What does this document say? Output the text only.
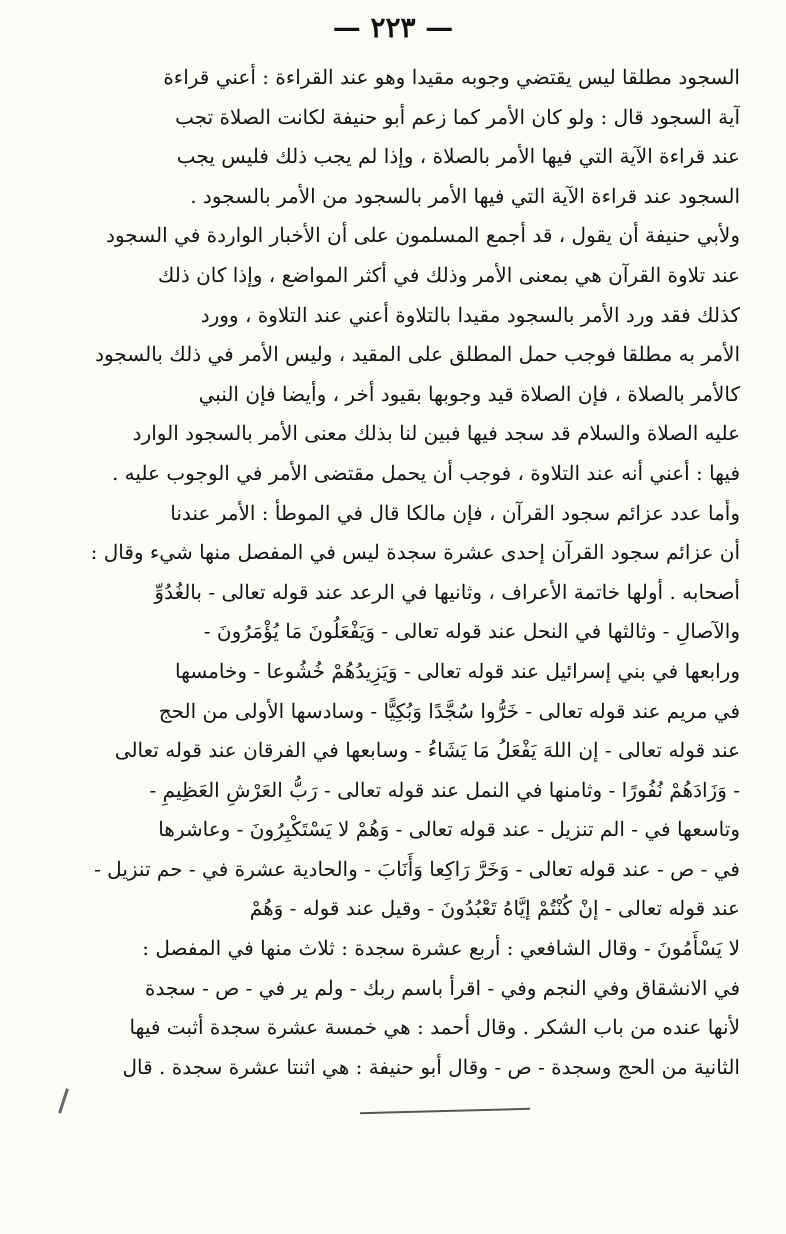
— ٢٢٣ —
السجود مطلقا ليس يقتضي وجوبه مقيدا وهو عند القراءة : أعني قراءة
آية السجود قال : ولو كان الأمر كما زعم أبو حنيفة لكانت الصلاة تجب
عند قراءة الآية التي فيها الأمر بالصلاة ، وإذا لم يجب ذلك فليس يجب
السجود عند قراءة الآية التي فيها الأمر بالسجود من الأمر بالسجود .
ولأبي حنيفة أن يقول ، قد أجمع المسلمون على أن الأخبار الواردة في السجود
عند تلاوة القرآن هي بمعنى الأمر وذلك في أكثر المواضع ، وإذا كان ذلك
كذلك فقد ورد الأمر بالسجود مقيدا بالتلاوة أعني عند التلاوة ، وورد
الأمر به مطلقا فوجب حمل المطلق على المقيد ، وليس الأمر في ذلك بالسجود
كالأمر بالصلاة ، فإن الصلاة قيد وجوبها بقيود أخر ، وأيضا فإن النبي
عليه الصلاة والسلام قد سجد فيها فبين لنا بذلك معنى الأمر بالسجود الوارد
فيها : أعني أنه عند التلاوة ، فوجب أن يحمل مقتضى الأمر في الوجوب عليه .
وأما عدد عزائم سجود القرآن ، فإن مالكا قال في الموطأ : الأمر عندنا
أن عزائم سجود القرآن إحدى عشرة سجدة ليس في المفصل منها شيء وقال :
أصحابه . أولها خاتمة الأعراف ، وثانيها في الرعد عند قوله تعالى - بالغُدُوِّ
والآصالِ - وثالثها في النحل عند قوله تعالى - وَيَفْعَلُونَ مَا يُؤْمَرُونَ -
ورابعها في بني إسرائيل عند قوله تعالى - وَيَزِيدُهُمْ خُشُوعا - وخامسها
في مريم عند قوله تعالى - خَرُّوا سُجَّدًا وَبُكِيًّا - وسادسها الأولى من الحج
عند قوله تعالى - إن اللهَ يَفْعَلُ مَا يَشَاءُ - وسابعها في الفرقان عند قوله تعالى
- وَزَادَهُمْ نُفُورًا - وثامنها في النمل عند قوله تعالى - رَبُّ العَرْشِ العَظِيمِ -
وتاسعها في - الم تنزيل - عند قوله تعالى - وَهُمْ لا يَسْتَكْبِرُونَ - وعاشرها
في - ص - عند قوله تعالى - وَخَرَّ رَاكِعا وَأَنَابَ - والحادية عشرة في - حم تنزيل -
عند قوله تعالى - إنْ كُنْتُمْ إيَّاهُ تَعْبُدُونَ - وقيل عند قوله - وَهُمْ
لا يَسْأَمُونَ - وقال الشافعي : أربع عشرة سجدة : ثلاث منها في المفصل :
في الانشقاق وفي النجم وفي - اقرأ باسم ربك - ولم ير في - ص - سجدة
لأنها عنده من باب الشكر . وقال أحمد : هي خمسة عشرة سجدة أثبت فيها
الثانية من الحج وسجدة - ص - وقال أبو حنيفة : هي اثنتا عشرة سجدة . قال
